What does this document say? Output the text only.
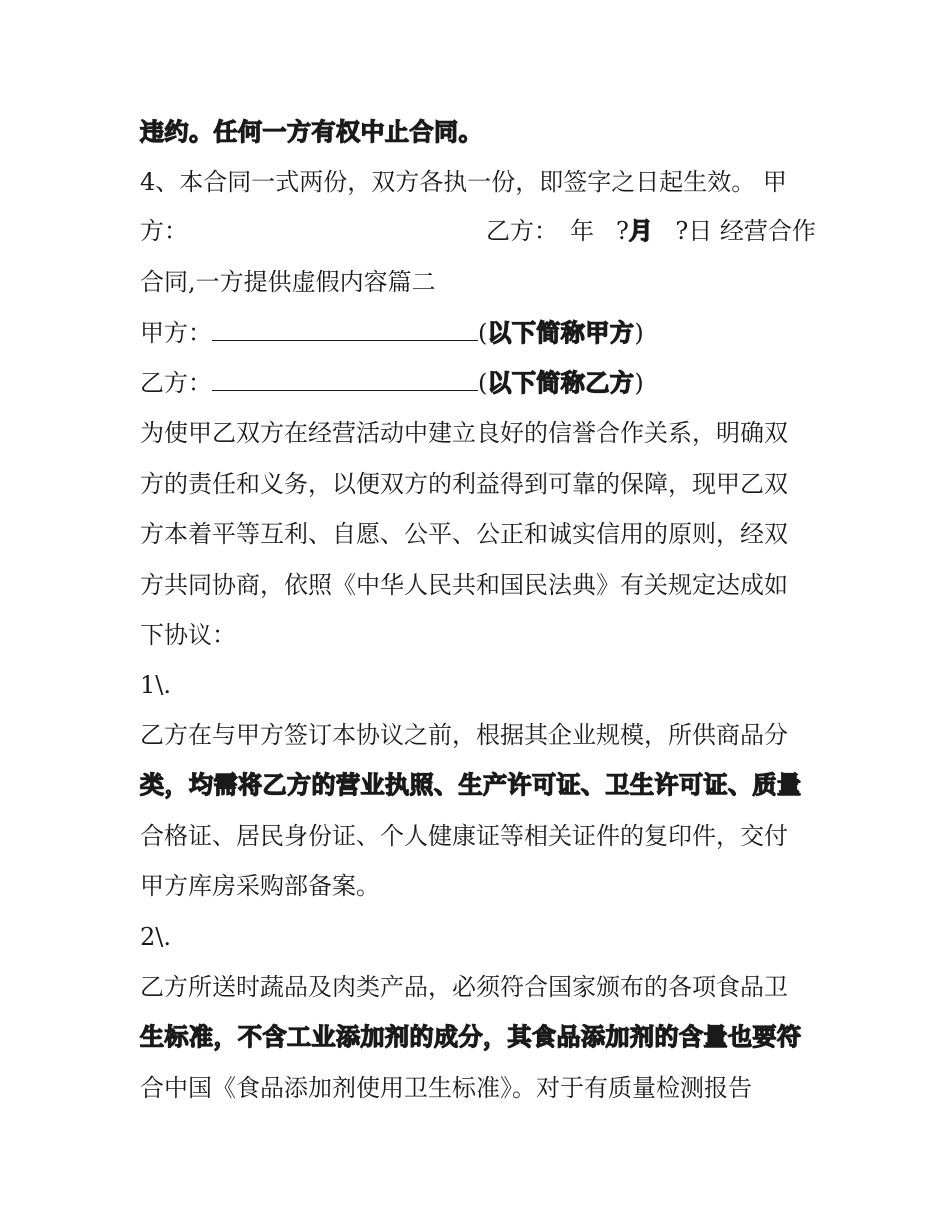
违约。任何一方有权中止合同。
4、本合同一式两份，双方各执一份，即签字之日起生效。 甲
方：	乙方： 年 ?月 ?日 经营合作
合同,一方提供虚假内容篇二
甲方：	(以下简称甲方)
乙方：	(以下简称乙方)
为使甲乙双方在经营活动中建立良好的信誉合作关系，明确双
方的责任和义务，以便双方的利益得到可靠的保障，现甲乙双
方本着平等互利、自愿、公平、公正和诚实信用的原则，经双
方共同协商，依照《中华人民共和国民法典》有关规定达成如
下协议：
1\.
乙方在与甲方签订本协议之前，根据其企业规模，所供商品分
类，均需将乙方的营业执照、生产许可证、卫生许可证、质量
合格证、居民身份证、个人健康证等相关证件的复印件，交付
甲方库房采购部备案。
2\.
乙方所送时蔬品及肉类产品，必须符合国家颁布的各项食品卫
生标准，不含工业添加剂的成分，其食品添加剂的含量也要符
合中国《食品添加剂使用卫生标准》。对于有质量检测报告
